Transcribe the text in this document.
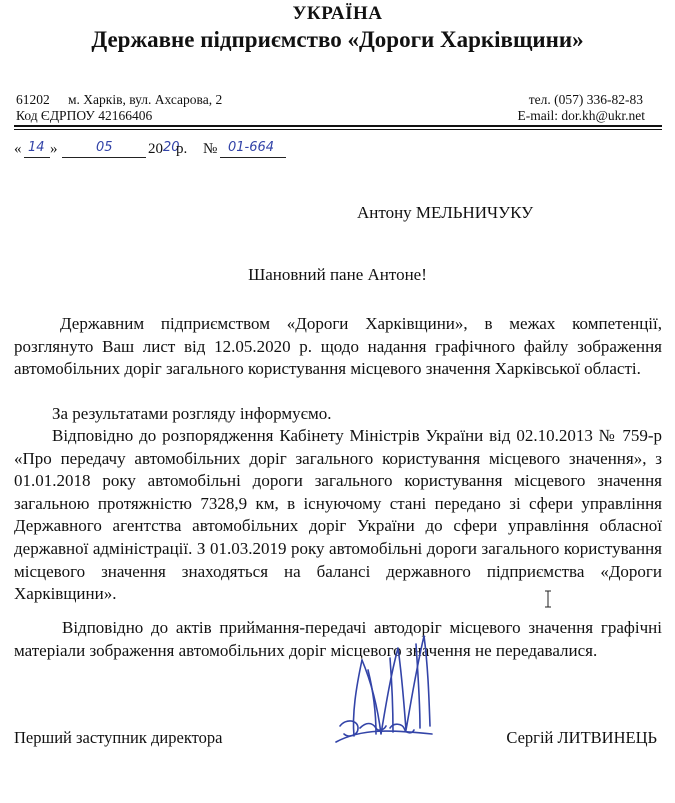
УКРАЇНА
Державне підприємство «Дороги Харківщини»
61202 м. Харків, вул. Ахсарова, 2
Код ЄДРПОУ 42166406
тел. (057) 336-82-83
E-mail: dor.kh@ukr.net
« 14 »	05 20 20
р. № 01-664
Антону МЕЛЬНИЧУКУ
Шановний пане Антоне!

Державним підприємством «Дороги Харківщини», в межах компетенції, розглянуто Ваш лист від 12.05.2020 р. щодо надання графічного файлу зображення автомобільних доріг загального користування місцевого значення Харківської області.

За результатами розгляду інформуємо.

Відповідно до розпорядження Кабінету Міністрів України від 02.10.2013 № 759-р «Про передачу автомобільних доріг загального користування місцевого значення», з 01.01.2018 року автомобільні дороги загального користування місцевого значення загальною протяжністю 7328,9 км, в існуючому стані передано зі сфери управління Державного агентства автомобільних доріг України до сфери управління обласної державної адміністрації. З 01.03.2019 року автомобільні дороги загального користування місцевого значення знаходяться на балансі державного підприємства «Дороги Харківщини».

Відповідно до актів приймання-передачі автодоріг місцевого значення графічні матеріали зображення автомобільних доріг місцевого значення не передавалися.

Перший заступник директора	Сергій ЛИТВИНЕЦЬ
